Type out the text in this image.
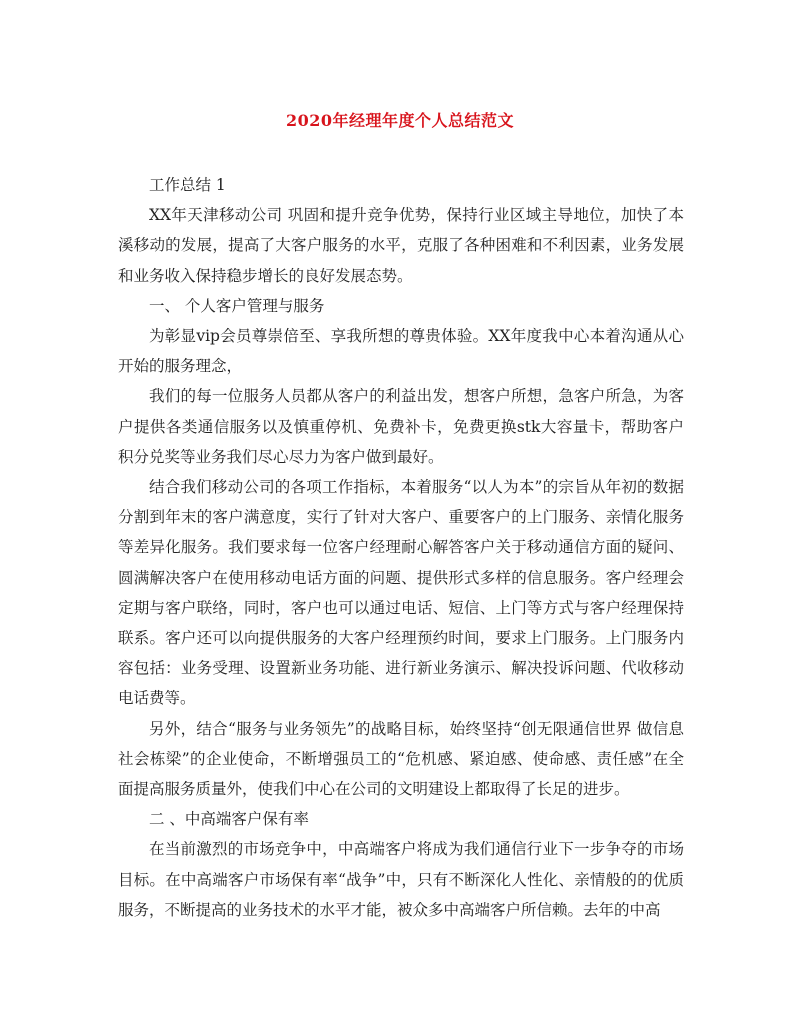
2020年经理年度个人总结范文

工作总结 1

XX年天津移动公司 巩固和提升竞争优势，保持行业区域主导地位，加快了本溪移动的发展，提高了大客户服务的水平，克服了各种困难和不利因素，业务发展和业务收入保持稳步增长的良好发展态势。

一、 个人客户管理与服务

为彰显vip会员尊崇倍至、享我所想的尊贵体验。XX年度我中心本着沟通从心开始的服务理念，

我们的每一位服务人员都从客户的利益出发，想客户所想，急客户所急，为客户提供各类通信服务以及慎重停机、免费补卡，免费更换stk大容量卡，帮助客户积分兑奖等业务我们尽心尽力为客户做到最好。

结合我们移动公司的各项工作指标，本着服务“以人为本”的宗旨从年初的数据分割到年末的客户满意度，实行了针对大客户、重要客户的上门服务、亲情化服务等差异化服务。我们要求每一位客户经理耐心解答客户关于移动通信方面的疑问、圆满解决客户在使用移动电话方面的问题、提供形式多样的信息服务。客户经理会定期与客户联络，同时，客户也可以通过电话、短信、上门等方式与客户经理保持联系。客户还可以向提供服务的大客户经理预约时间，要求上门服务。上门服务内容包括：业务受理、设置新业务功能、进行新业务演示、解决投诉问题、代收移动电话费等。

另外，结合“服务与业务领先”的战略目标，始终坚持“创无限通信世界 做信息社会栋梁”的企业使命，不断增强员工的“危机感、紧迫感、使命感、责任感”在全面提高服务质量外，使我们中心在公司的文明建设上都取得了长足的进步。

二 、中高端客户保有率

在当前激烈的市场竞争中，中高端客户将成为我们通信行业下一步争夺的市场目标。在中高端客户市场保有率“战争”中，只有不断深化人性化、亲情般的的优质服务，不断提高的业务技术的水平才能，被众多中高端客户所信赖。去年的中高
